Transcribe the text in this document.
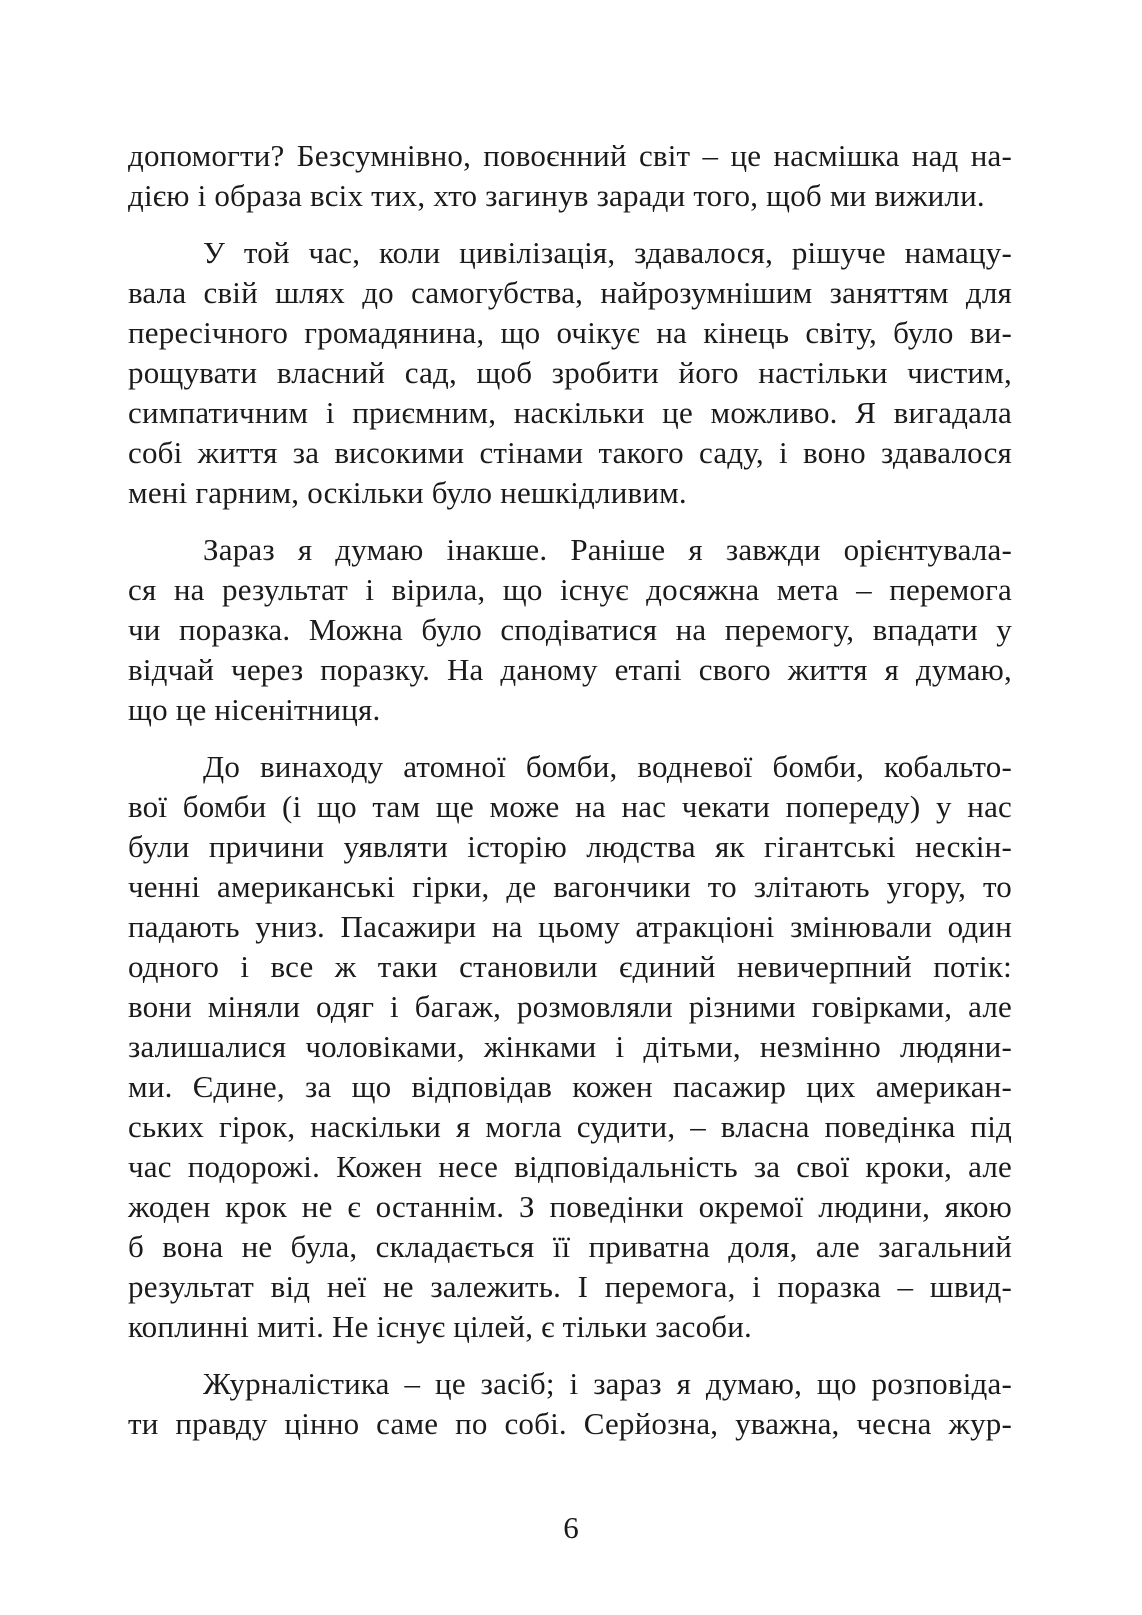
допомогти? Безсумнівно, повоєнний світ – це насмішка над на-
дією і образа всіх тих, хто загинув заради того, щоб ми вижили.
У той час, коли цивілізація, здавалося, рішуче намацу-
вала свій шлях до самогубства, найрозумнішим заняттям для
пересічного громадянина, що очікує на кінець світу, було ви-
рощувати власний сад, щоб зробити його настільки чистим,
симпатичним і приємним, наскільки це можливо. Я вигадала
собі життя за високими стінами такого саду, і воно здавалося
мені гарним, оскільки було нешкідливим.
Зараз я думаю інакше. Раніше я завжди орієнтувала-
ся на результат і вірила, що існує досяжна мета – перемога
чи поразка. Можна було сподіватися на перемогу, впадати у
відчай через поразку. На даному етапі свого життя я думаю,
що це нісенітниця.
До винаходу атомної бомби, водневої бомби, кобальто-
вої бомби (і що там ще може на нас чекати попереду) у нас
були причини уявляти історію людства як гігантські нескін-
ченні американські гірки, де вагончики то злітають угору, то
падають униз. Пасажири на цьому атракціоні змінювали один
одного і все ж таки становили єдиний невичерпний потік:
вони міняли одяг і багаж, розмовляли різними говірками, але
залишалися чоловіками, жінками і дітьми, незмінно людяни-
ми. Єдине, за що відповідав кожен пасажир цих американ-
ських гірок, наскільки я могла судити, – власна поведінка під
час подорожі. Кожен несе відповідальність за свої кроки, але
жоден крок не є останнім. З поведінки окремої людини, якою
б вона не була, складається її приватна доля, але загальний
результат від неї не залежить. І перемога, і поразка – швид-
коплинні миті. Не існує цілей, є тільки засоби.
Журналістика – це засіб; і зараз я думаю, що розповіда-
ти правду цінно саме по собі. Серйозна, уважна, чесна жур-
6
